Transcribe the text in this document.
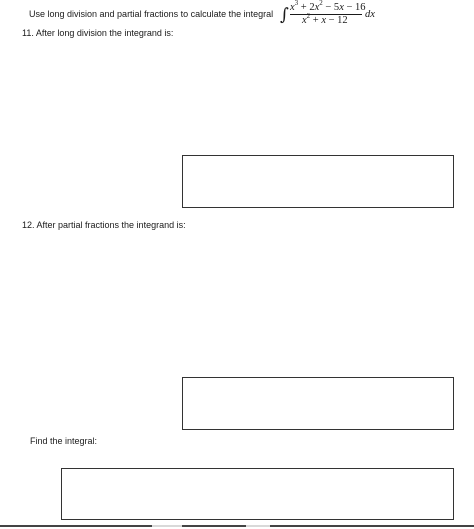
Use long division and partial fractions to calculate the integral ∫ $x^3 + 2x^2 - 5x - 16$
$x^2 + x - 12$
dx
11. After long division the integrand is:
12. After partial fractions the integrand is:
Find the integral:
